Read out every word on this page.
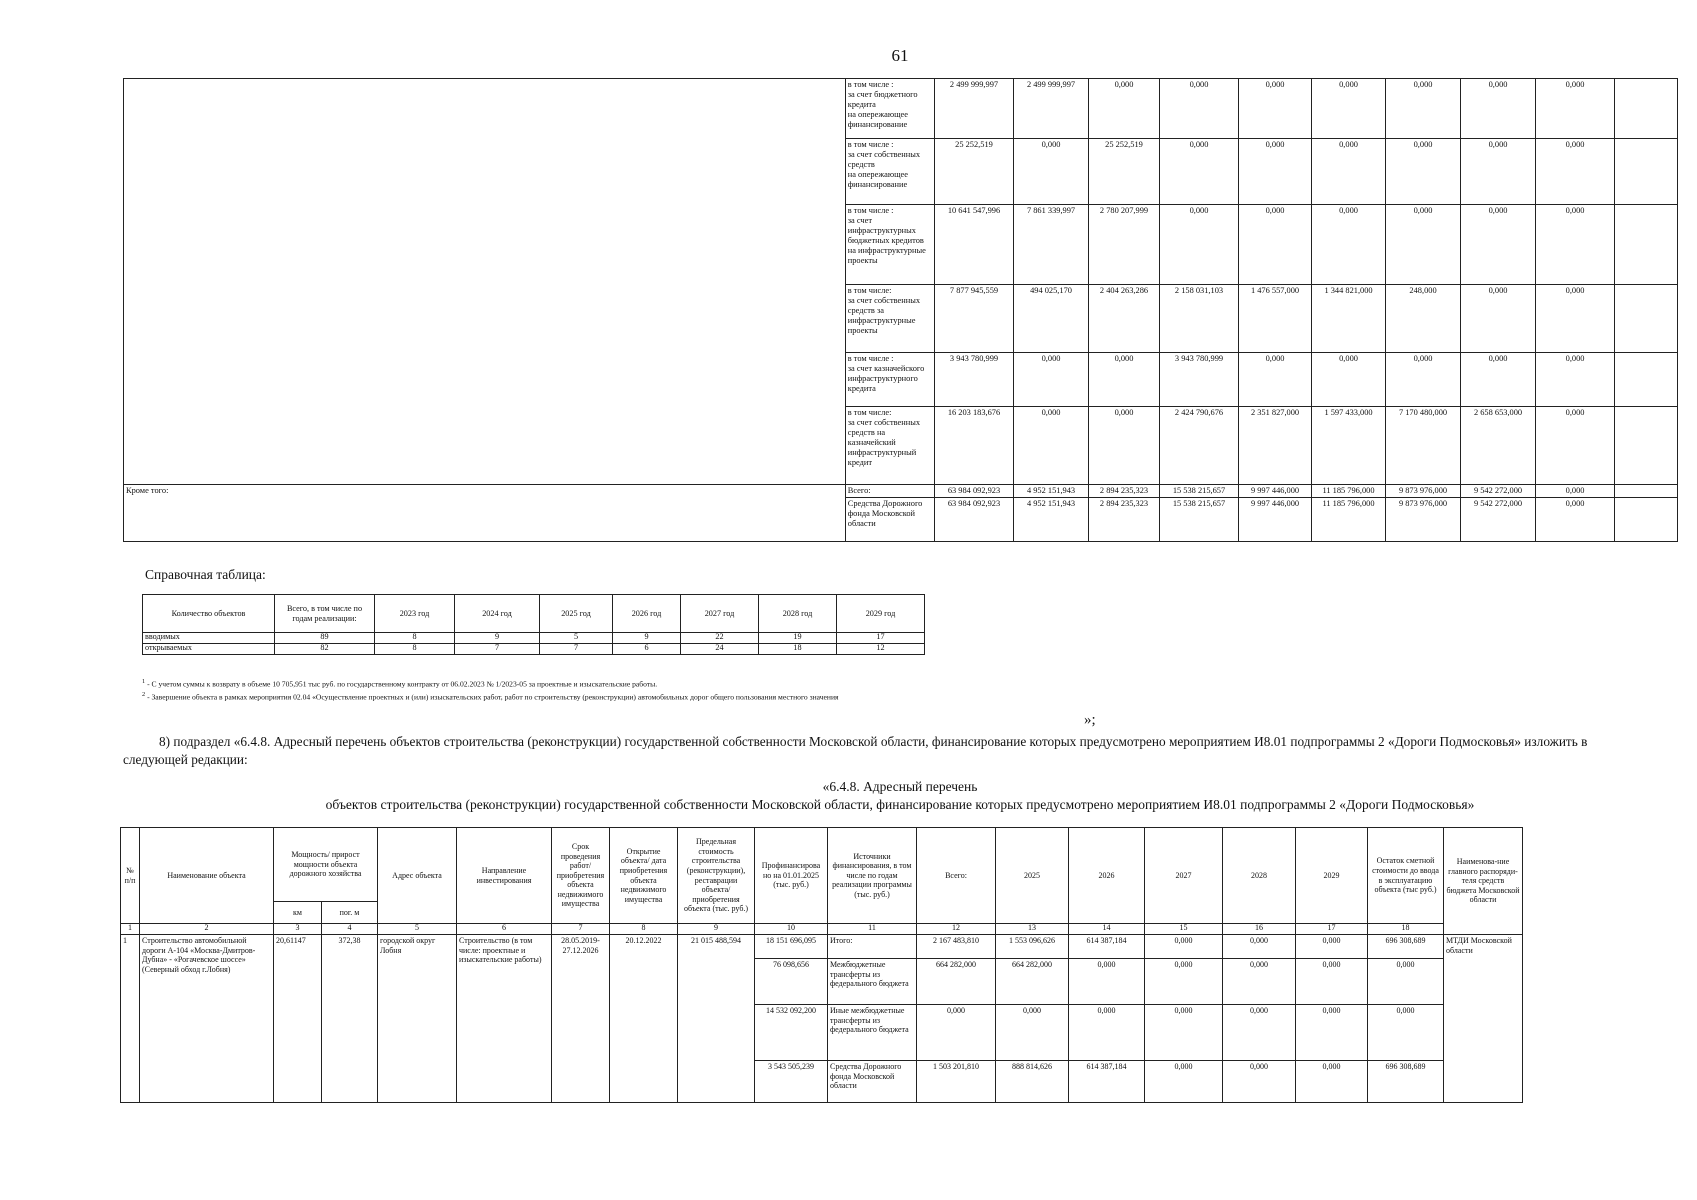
61
	в том числе :
за счет бюджетного кредита
на опережающее финансирование	2 499 999,997	2 499 999,997	0,000	0,000	0,000	0,000	0,000	0,000	0,000	
	в том числе :
за счет собственных средств
на опережающее финансирование	25 252,519	0,000	25 252,519	0,000	0,000	0,000	0,000	0,000	0,000	
	в том числе :
за счет инфраструктурных бюджетных кредитов на инфраструктурные проекты	10 641 547,996	7 861 339,997	2 780 207,999	0,000	0,000	0,000	0,000	0,000	0,000	
	в том числе:
за счет собственных средств за инфраструктурные проекты	7 877 945,559	494 025,170	2 404 263,286	2 158 031,103	1 476 557,000	1 344 821,000	248,000	0,000	0,000	
	в том числе :
за счет казначейского инфраструктурного кредита	3 943 780,999	0,000	0,000	3 943 780,999	0,000	0,000	0,000	0,000	0,000	
	в том числе:
за счет собственных средств на казначейский инфраструктурный кредит	16 203 183,676	0,000	0,000	2 424 790,676	2 351 827,000	1 597 433,000	7 170 480,000	2 658 653,000	0,000	
Кроме того:	Всего:	63 984 092,923	4 952 151,943	2 894 235,323	15 538 215,657	9 997 446,000	11 185 796,000	9 873 976,000	9 542 272,000	0,000	
	Средства Дорожного фонда Московской области	63 984 092,923	4 952 151,943	2 894 235,323	15 538 215,657	9 997 446,000	11 185 796,000	9 873 976,000	9 542 272,000	0,000	
Справочная таблица:
Количество объектов	Всего, в том числе по годам реализации:	2023 год	2024 год	2025 год	2026 год	2027 год	2028 год	2029 год
вводимых	89	8	9	5	9	22	19	17
открываемых	82	8	7	7	6	24	18	12
$^1$ - С учетом суммы к возврату в объеме 10 705,951 тыс руб. по государственному контракту от 06.02.2023 № 1/2023-05 за проектные и изыскательские работы.
$^2$ - Завершение объекта в рамках мероприятия 02.04 «Осуществление проектных и (или) изыскательских работ, работ по строительству (реконструкции) автомобильных дорог общего пользования местного значения
»;
8) подраздел «6.4.8. Адресный перечень объектов строительства (реконструкции) государственной собственности Московской области, финансирование которых предусмотрено мероприятием И8.01 подпрограммы 2 «Дороги Подмосковья» изложить в следующей редакции:
«6.4.8. Адресный перечень
объектов строительства (реконструкции) государственной собственности Московской области, финансирование которых предусмотрено мероприятием И8.01 подпрограммы 2 «Дороги Подмосковья»
№ п/п	Наименование объекта	Мощность/ прирост мощности объекта дорожного хозяйства		Адрес объекта	Направление инвестирования	Срок проведения работ/ приобретения объекта недвижимого имущества	Открытие объекта/ дата приобретения объекта недвижимого имущества	Предельная стоимость строительства (реконструкции), реставрации объекта/ приобретения объекта (тыс. руб.)	Профинансирова но на 01.01.2025 (тыс. руб.)	Источники финансирования, в том числе по годам реализации программы (тыс. руб.)	Всего:	2025	2026	2027	2028	2029	Остаток сметной стоимости до ввода в эксплуатацию объекта (тыс руб.)	Наименова-ние главного распоряди-теля средств бюджета Московской области
		км	пог. м															
1	2	3	4	5	6	7	8	9	10	11	12	13	14	15	16	17	18	
1	Строительство автомобильной дороги А-104 «Москва-Дмитров-Дубна» - «Рогачевское шоссе» (Северный обход г.Лобня)	20,61147	372,38	городской округ Лобня	Строительство (в том числе: проектные и изыскательские работы)	28.05.2019-27.12.2026	20.12.2022	21 015 488,594	18 151 696,095	Итого:	2 167 483,810	1 553 096,626	614 387,184	0,000	0,000	0,000	696 308,689	МТДИ Московской области
									76 098,656	Межбюджетные трансферты из федерального бюджета	664 282,000	664 282,000	0,000	0,000	0,000	0,000	0,000	
									14 532 092,200	Иные межбюджетные трансферты из федерального бюджета	0,000	0,000	0,000	0,000	0,000	0,000	0,000	
									3 543 505,239	Средства Дорожного фонда Московской области	1 503 201,810	888 814,626	614 387,184	0,000	0,000	0,000	696 308,689	
